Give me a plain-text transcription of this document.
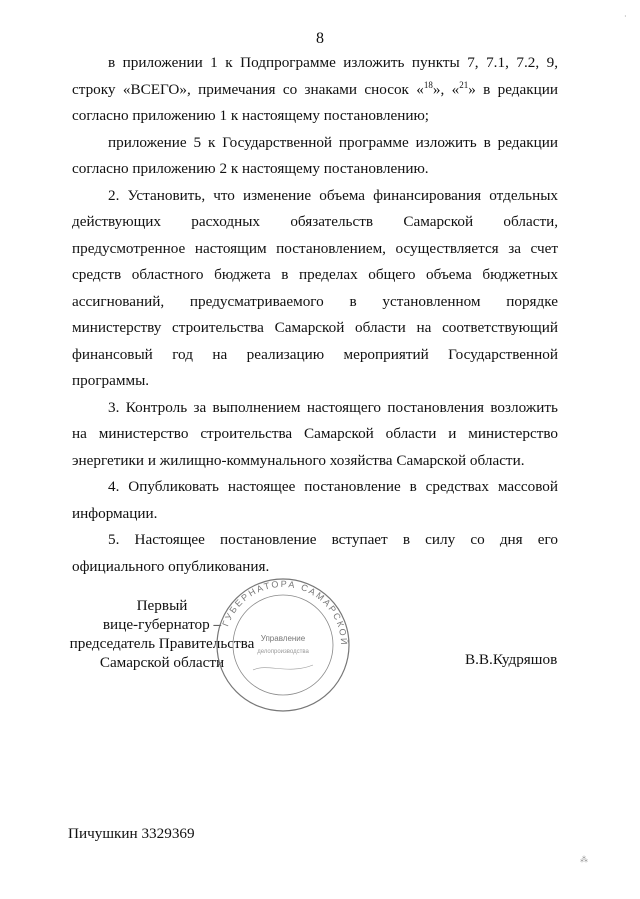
8

в приложении 1 к Подпрограмме изложить пункты 7, 7.1, 7.2, 9, строку «ВСЕГО», примечания со знаками сносок «$^{18}$», «$^{21}$» в редакции согласно приложению 1 к настоящему постановлению;

приложение 5 к Государственной программе изложить в редакции согласно приложению 2 к настоящему постановлению.

2. Установить, что изменение объема финансирования отдельных действующих расходных обязательств Самарской области, предусмотренное настоящим постановлением, осуществляется за счет средств областного бюджета в пределах общего объема бюджетных ассигнований, предусматриваемого в установленном порядке министерству строительства Самарской области на соответствующий финансовый год на реализацию мероприятий Государственной программы.

3. Контроль за выполнением настоящего постановления возложить на министерство строительства Самарской области и министерство энергетики и жилищно-коммунального хозяйства Самарской области.

4. Опубликовать настоящее постановление в средствах массовой информации.

5. Настоящее постановление вступает в силу со дня его официального опубликования.

Первый
вице-губернатор –
председатель Правительства
Самарской области
ГУБЕРНАТОРА САМАРСКОЙ
Управление
делопроизводства	В.В.Кудряшов
Пичушкин 3329369
·
⁂
